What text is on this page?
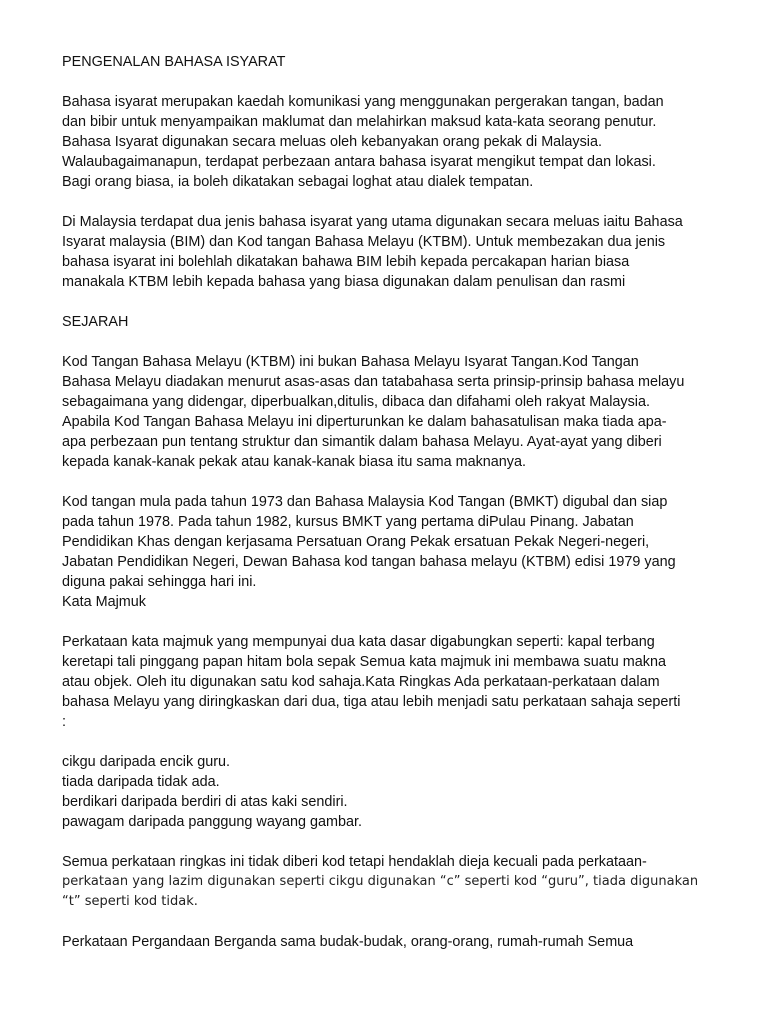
PENGENALAN BAHASA ISYARAT
Bahasa isyarat merupakan kaedah komunikasi yang menggunakan pergerakan tangan, badan
dan bibir untuk menyampaikan maklumat dan melahirkan maksud kata-kata seorang penutur.
Bahasa Isyarat digunakan secara meluas oleh kebanyakan orang pekak di Malaysia.
Walaubagaimanapun, terdapat perbezaan antara bahasa isyarat mengikut tempat dan lokasi.
Bagi orang biasa, ia boleh dikatakan sebagai loghat atau dialek tempatan.
Di Malaysia terdapat dua jenis bahasa isyarat yang utama digunakan secara meluas iaitu Bahasa
Isyarat malaysia (BIM) dan Kod tangan Bahasa Melayu (KTBM). Untuk membezakan dua jenis
bahasa isyarat ini bolehlah dikatakan bahawa BIM lebih kepada percakapan harian biasa
manakala KTBM lebih kepada bahasa yang biasa digunakan dalam penulisan dan rasmi
SEJARAH
Kod Tangan Bahasa Melayu (KTBM) ini bukan Bahasa Melayu Isyarat Tangan.Kod Tangan
Bahasa Melayu diadakan menurut asas-asas dan tatabahasa serta prinsip-prinsip bahasa melayu
sebagaimana yang didengar, diperbualkan,ditulis, dibaca dan difahami oleh rakyat Malaysia.
Apabila Kod Tangan Bahasa Melayu ini diperturunkan ke dalam bahasatulisan maka tiada apa-
apa perbezaan pun tentang struktur dan simantik dalam bahasa Melayu. Ayat-ayat yang diberi
kepada kanak-kanak pekak atau kanak-kanak biasa itu sama maknanya.
Kod tangan mula pada tahun 1973 dan Bahasa Malaysia Kod Tangan (BMKT) digubal dan siap
pada tahun 1978. Pada tahun 1982, kursus BMKT yang pertama diPulau Pinang. Jabatan
Pendidikan Khas dengan kerjasama Persatuan Orang Pekak ersatuan Pekak Negeri-negeri,
Jabatan Pendidikan Negeri, Dewan Bahasa kod tangan bahasa melayu (KTBM) edisi 1979 yang
diguna pakai sehingga hari ini.
Kata Majmuk
Perkataan kata majmuk yang mempunyai dua kata dasar digabungkan seperti: kapal terbang
keretapi tali pinggang papan hitam bola sepak Semua kata majmuk ini membawa suatu makna
atau objek. Oleh itu digunakan satu kod sahaja.Kata Ringkas Ada perkataan-perkataan dalam
bahasa Melayu yang diringkaskan dari dua, tiga atau lebih menjadi satu perkataan sahaja seperti
:
cikgu daripada encik guru.
tiada daripada tidak ada.
berdikari daripada berdiri di atas kaki sendiri.
pawagam daripada panggung wayang gambar.
Semua perkataan ringkas ini tidak diberi kod tetapi hendaklah dieja kecuali pada perkataan-
perkataan yang lazim digunakan seperti cikgu digunakan “c” seperti kod “guru”, tiada digunakan
“t” seperti kod tidak.
Perkataan Pergandaan Berganda sama budak-budak, orang-orang, rumah-rumah Semua
